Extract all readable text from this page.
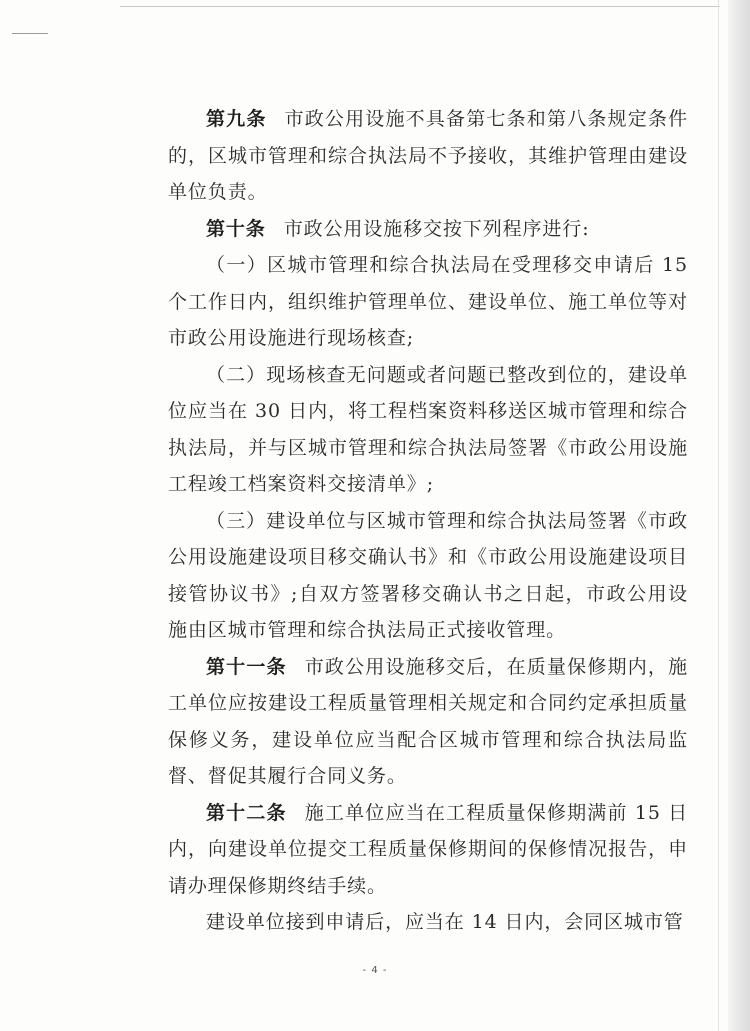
第九条 市政公用设施不具备第七条和第八条规定条件的，区城市管理和综合执法局不予接收，其维护管理由建设单位负责。

第十条 市政公用设施移交按下列程序进行:

（一）区城市管理和综合执法局在受理移交申请后 15 个工作日内，组织维护管理单位、建设单位、施工单位等对市政公用设施进行现场核查;

（二）现场核查无问题或者问题已整改到位的，建设单位应当在 30 日内，将工程档案资料移送区城市管理和综合执法局，并与区城市管理和综合执法局签署《市政公用设施工程竣工档案资料交接清单》;

（三）建设单位与区城市管理和综合执法局签署《市政公用设施建设项目移交确认书》和《市政公用设施建设项目接管协议书》;自双方签署移交确认书之日起，市政公用设施由区城市管理和综合执法局正式接收管理。

第十一条 市政公用设施移交后，在质量保修期内，施工单位应按建设工程质量管理相关规定和合同约定承担质量保修义务，建设单位应当配合区城市管理和综合执法局监督、督促其履行合同义务。

第十二条 施工单位应当在工程质量保修期满前 15 日内，向建设单位提交工程质量保修期间的保修情况报告，申请办理保修期终结手续。

建设单位接到申请后，应当在 14 日内，会同区城市管

- 4 -
